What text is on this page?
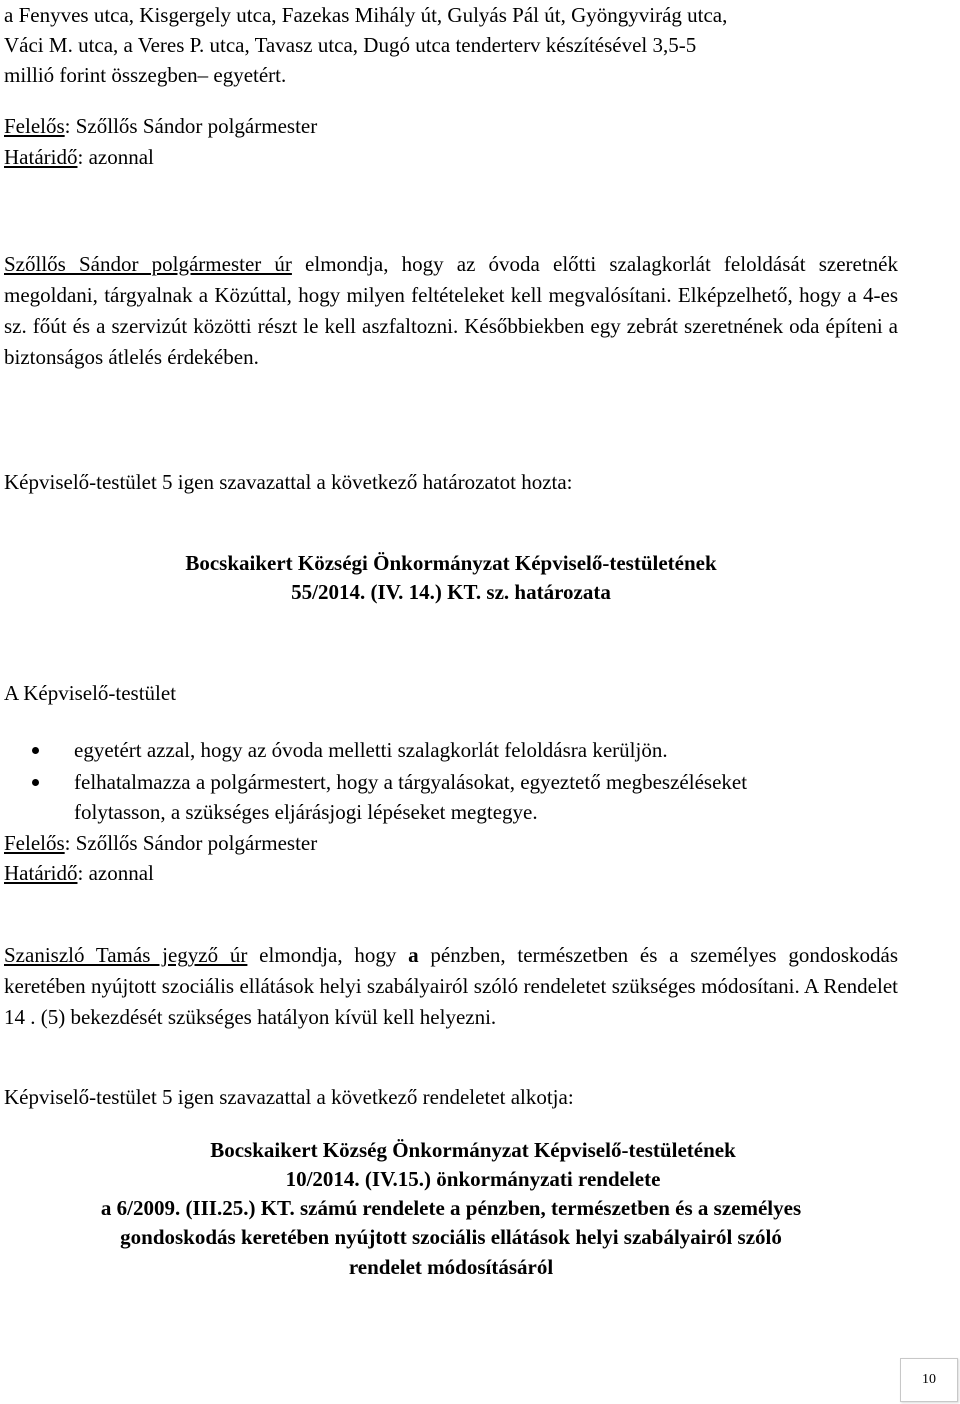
a Fenyves utca, Kisgergely utca, Fazekas Mihály út, Gulyás Pál út, Gyöngyvirág utca,
Váci M. utca, a Veres P. utca, Tavasz utca, Dugó utca tenderterv készítésével 3,5-5
millió forint összegben– egyetért.
Felelős: Szőllős Sándor polgármester
Határidő: azonnal
Szőllős Sándor polgármester úr elmondja, hogy az óvoda előtti szalagkorlát feloldását szeretnék megoldani, tárgyalnak a Közúttal, hogy milyen feltételeket kell megvalósítani. Elképzelhető, hogy a 4-es sz. főút és a szervizút közötti részt le kell aszfaltozni. Későbbiekben egy zebrát szeretnének oda építeni a biztonságos átlelés érdekében.
Képviselő-testület 5 igen szavazattal a következő határozatot hozta:
Bocskaikert Községi Önkormányzat Képviselő-testületének
55/2014. (IV. 14.) KT. sz. határozata
A Képviselő-testület
egyetért azzal, hogy az óvoda melletti szalagkorlát feloldásra kerüljön.
felhatalmazza a polgármestert, hogy a tárgyalásokat, egyeztető megbeszéléseket
folytasson, a szükséges eljárásjogi lépéseket megtegye.
Felelős: Szőllős Sándor polgármester
Határidő: azonnal
Szaniszló Tamás jegyző úr elmondja, hogy a pénzben, természetben és a személyes gondoskodás keretében nyújtott szociális ellátások helyi szabályairól szóló rendeletet szükséges módosítani. A Rendelet 14 . (5) bekezdését szükséges hatályon kívül kell helyezni.
Képviselő-testület 5 igen szavazattal a következő rendeletet alkotja:
Bocskaikert Község Önkormányzat Képviselő-testületének
10/2014. (IV.15.) önkormányzati rendelete
a 6/2009. (III.25.) KT. számú rendelete a pénzben, természetben és a személyes
gondoskodás keretében nyújtott szociális ellátások helyi szabályairól szóló
rendelet módosításáról
10
